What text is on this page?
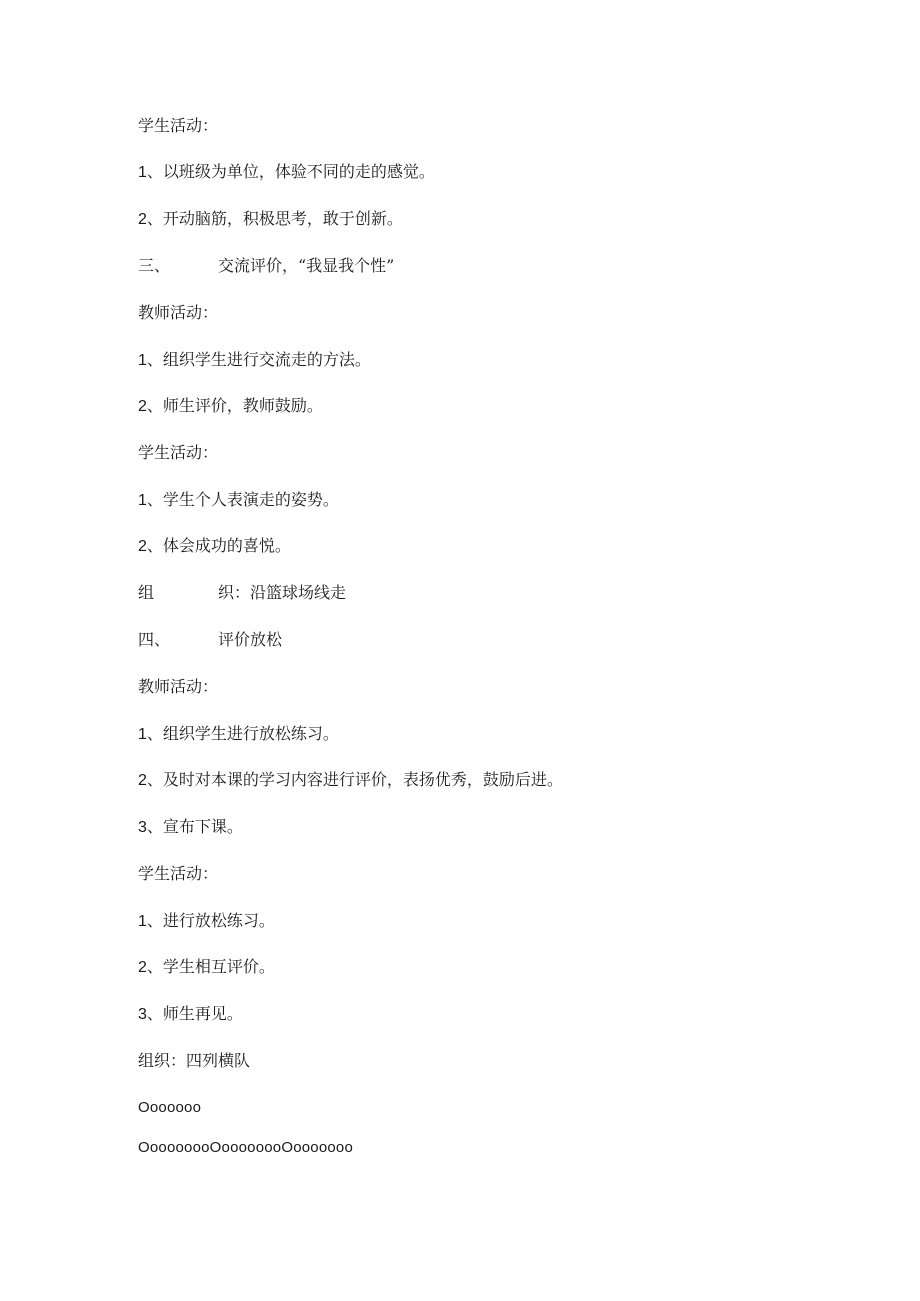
学生活动：
1、以班级为单位，体验不同的走的感觉。
2、开动脑筋，积极思考，敢于创新。
三、	交流评价，“我显我个性”
教师活动：
1、组织学生进行交流走的方法。
2、师生评价，教师鼓励。
学生活动：
1、学生个人表演走的姿势。
2、体会成功的喜悦。
组	织：沿篮球场线走
四、	评价放松
教师活动：
1、组织学生进行放松练习。
2、及时对本课的学习内容进行评价，表扬优秀，鼓励后进。
3、宣布下课。
学生活动：
1、进行放松练习。
2、学生相互评价。
3、师生再见。
组织：四列横队
Ooooooo
OoooooooOoooooooOooooooo
